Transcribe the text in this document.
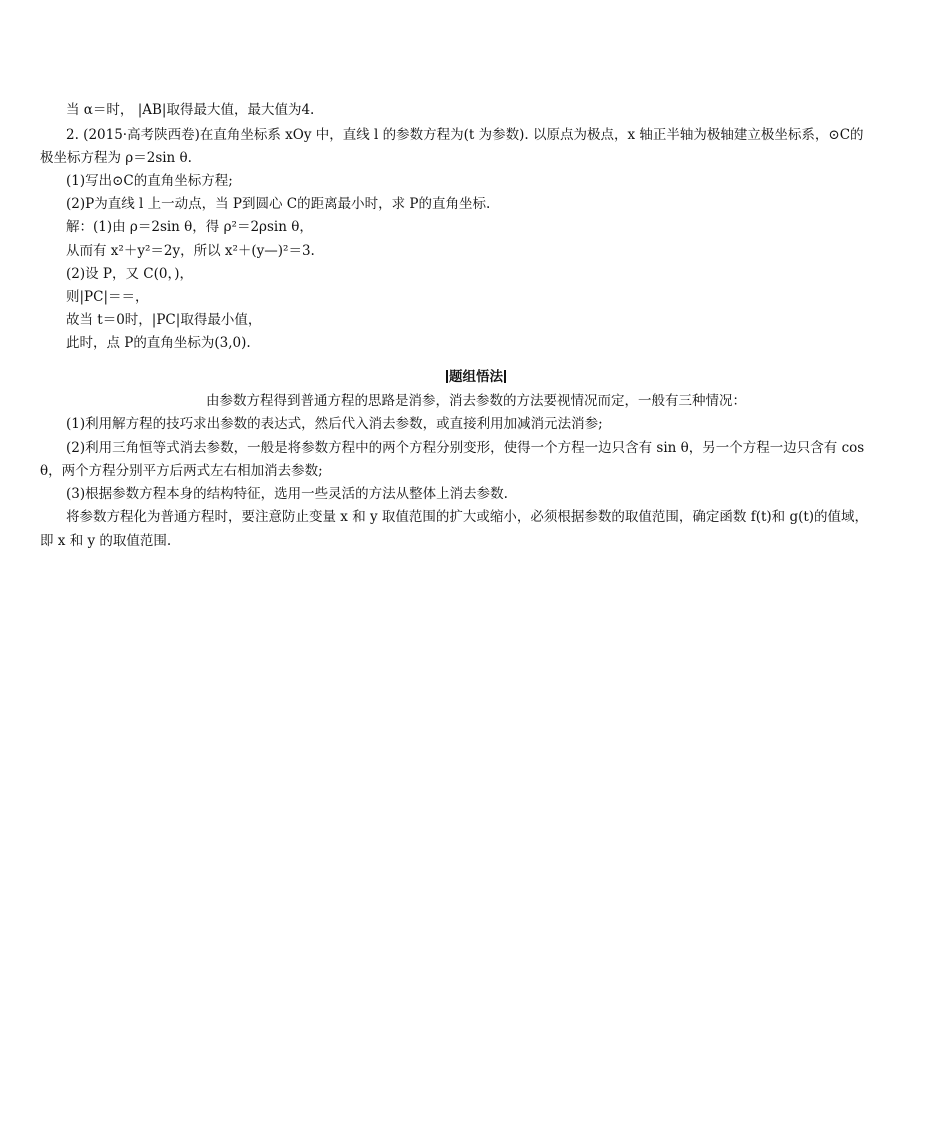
当 α＝时， |AB|取得最大值，最大值为4.
2. (2015·高考陕西卷)在直角坐标系 xOy 中，直线 l 的参数方程为(t 为参数). 以原点为极点，x 轴正半轴为极轴建立极坐标系，⊙C的
极坐标方程为 ρ＝2sin θ.
(1)写出⊙C的直角坐标方程;
(2)P为直线 l 上一动点，当 P到圆心 C的距离最小时，求 P的直角坐标.
解：(1)由 ρ＝2sin θ，得 ρ²＝2ρsin θ，
从而有 x²＋y²＝2y，所以 x²＋(y—)²＝3.
(2)设 P，又 C(0，)，
则|PC|＝＝，
故当 t＝0时，|PC|取得最小值，
此时，点 P的直角坐标为(3,0).
题组悟法
由参数方程得到普通方程的思路是消参，消去参数的方法要视情况而定，一般有三种情况：
(1)利用解方程的技巧求出参数的表达式，然后代入消去参数，或直接利用加减消元法消参;
(2)利用三角恒等式消去参数，一般是将参数方程中的两个方程分别变形，使得一个方程一边只含有 sin θ，另一个方程一边只含有 cos
θ，两个方程分别平方后两式左右相加消去参数;
(3)根据参数方程本身的结构特征，选用一些灵活的方法从整体上消去参数.
将参数方程化为普通方程时，要注意防止变量 x 和 y 取值范围的扩大或缩小，必须根据参数的取值范围，确定函数 f(t)和 g(t)的值域，
即 x 和 y 的取值范围.
